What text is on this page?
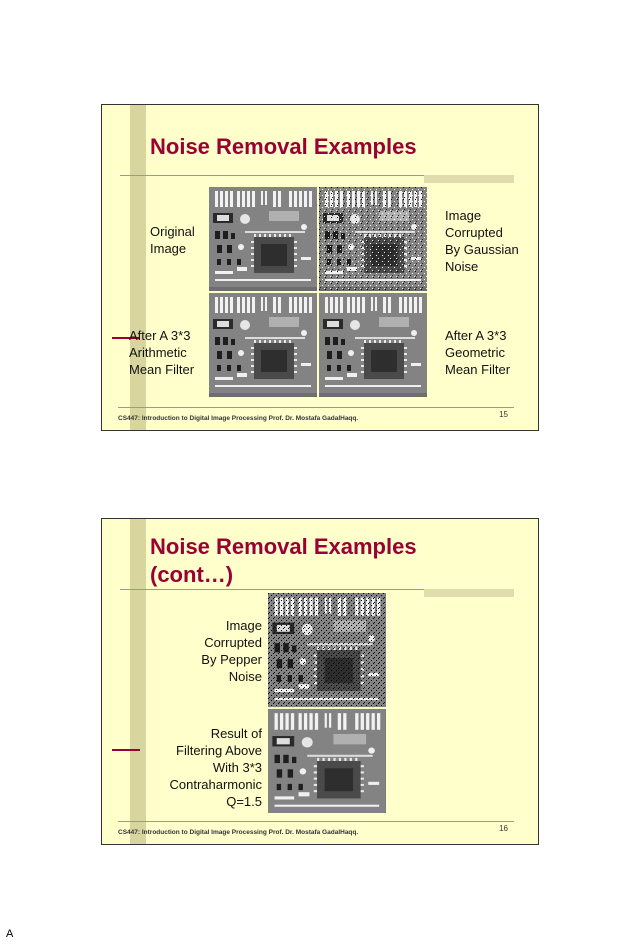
Noise Removal Examples
Original
Image
Image
Corrupted
By Gaussian
Noise
After A 3*3
Arithmetic
Mean Filter
After A 3*3
Geometric
Mean Filter
CS447: Introduction to Digital Image Processing Prof. Dr. Mostafa GadalHaqq.	15
Noise Removal Examples
(cont…)
Image
Corrupted
By Pepper
Noise
Result of
Filtering Above
With 3*3
Contraharmonic
Q=1.5
CS447: Introduction to Digital Image Processing Prof. Dr. Mostafa GadalHaqq.	16
A
